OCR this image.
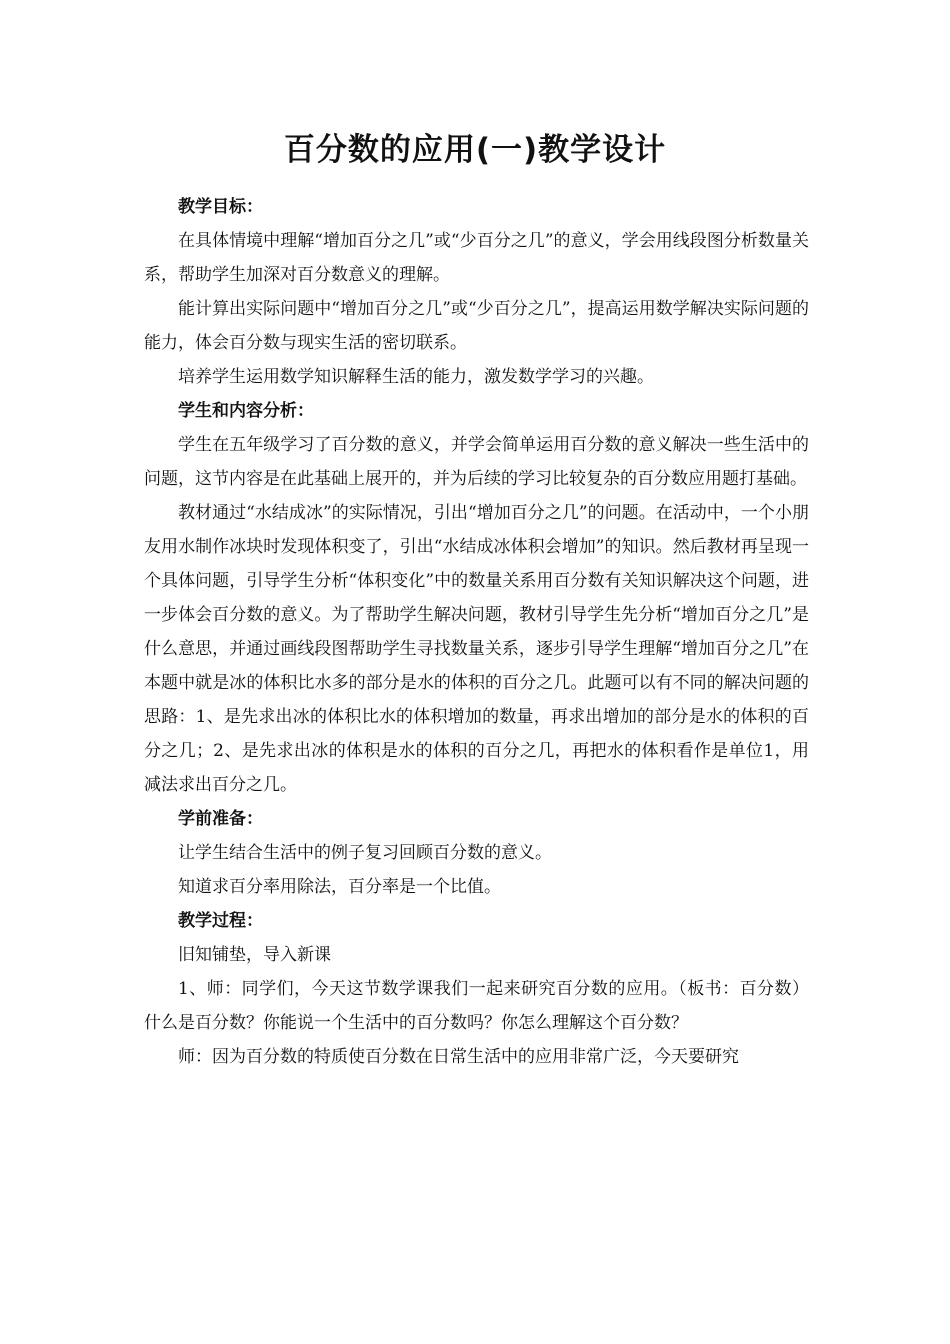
百分数的应用(一)教学设计
教学目标：

在具体情境中理解“增加百分之几”或“少百分之几”的意义，学会用线段图分析数量关系，帮助学生加深对百分数意义的理解。

能计算出实际问题中“增加百分之几”或“少百分之几”，提高运用数学解决实际问题的能力，体会百分数与现实生活的密切联系。

培养学生运用数学知识解释生活的能力，激发数学学习的兴趣。

学生和内容分析：

学生在五年级学习了百分数的意义，并学会简单运用百分数的意义解决一些生活中的问题，这节内容是在此基础上展开的，并为后续的学习比较复杂的百分数应用题打基础。

教材通过“水结成冰”的实际情况，引出“增加百分之几”的问题。在活动中，一个小朋友用水制作冰块时发现体积变了，引出“水结成冰体积会增加”的知识。然后教材再呈现一个具体问题，引导学生分析“体积变化”中的数量关系用百分数有关知识解决这个问题，进一步体会百分数的意义。为了帮助学生解决问题，教材引导学生先分析“增加百分之几”是什么意思，并通过画线段图帮助学生寻找数量关系，逐步引导学生理解“增加百分之几”在本题中就是冰的体积比水多的部分是水的体积的百分之几。此题可以有不同的解决问题的思路：1、是先求出冰的体积比水的体积增加的数量，再求出增加的部分是水的体积的百分之几；2、是先求出冰的体积是水的体积的百分之几，再把水的体积看作是单位1，用减法求出百分之几。

学前准备：

让学生结合生活中的例子复习回顾百分数的意义。

知道求百分率用除法，百分率是一个比值。

教学过程：

旧知铺垫，导入新课

1、师：同学们，今天这节数学课我们一起来研究百分数的应用。（板书：百分数）什么是百分数？你能说一个生活中的百分数吗？你怎么理解这个百分数？

师：因为百分数的特质使百分数在日常生活中的应用非常广泛，今天要研究
